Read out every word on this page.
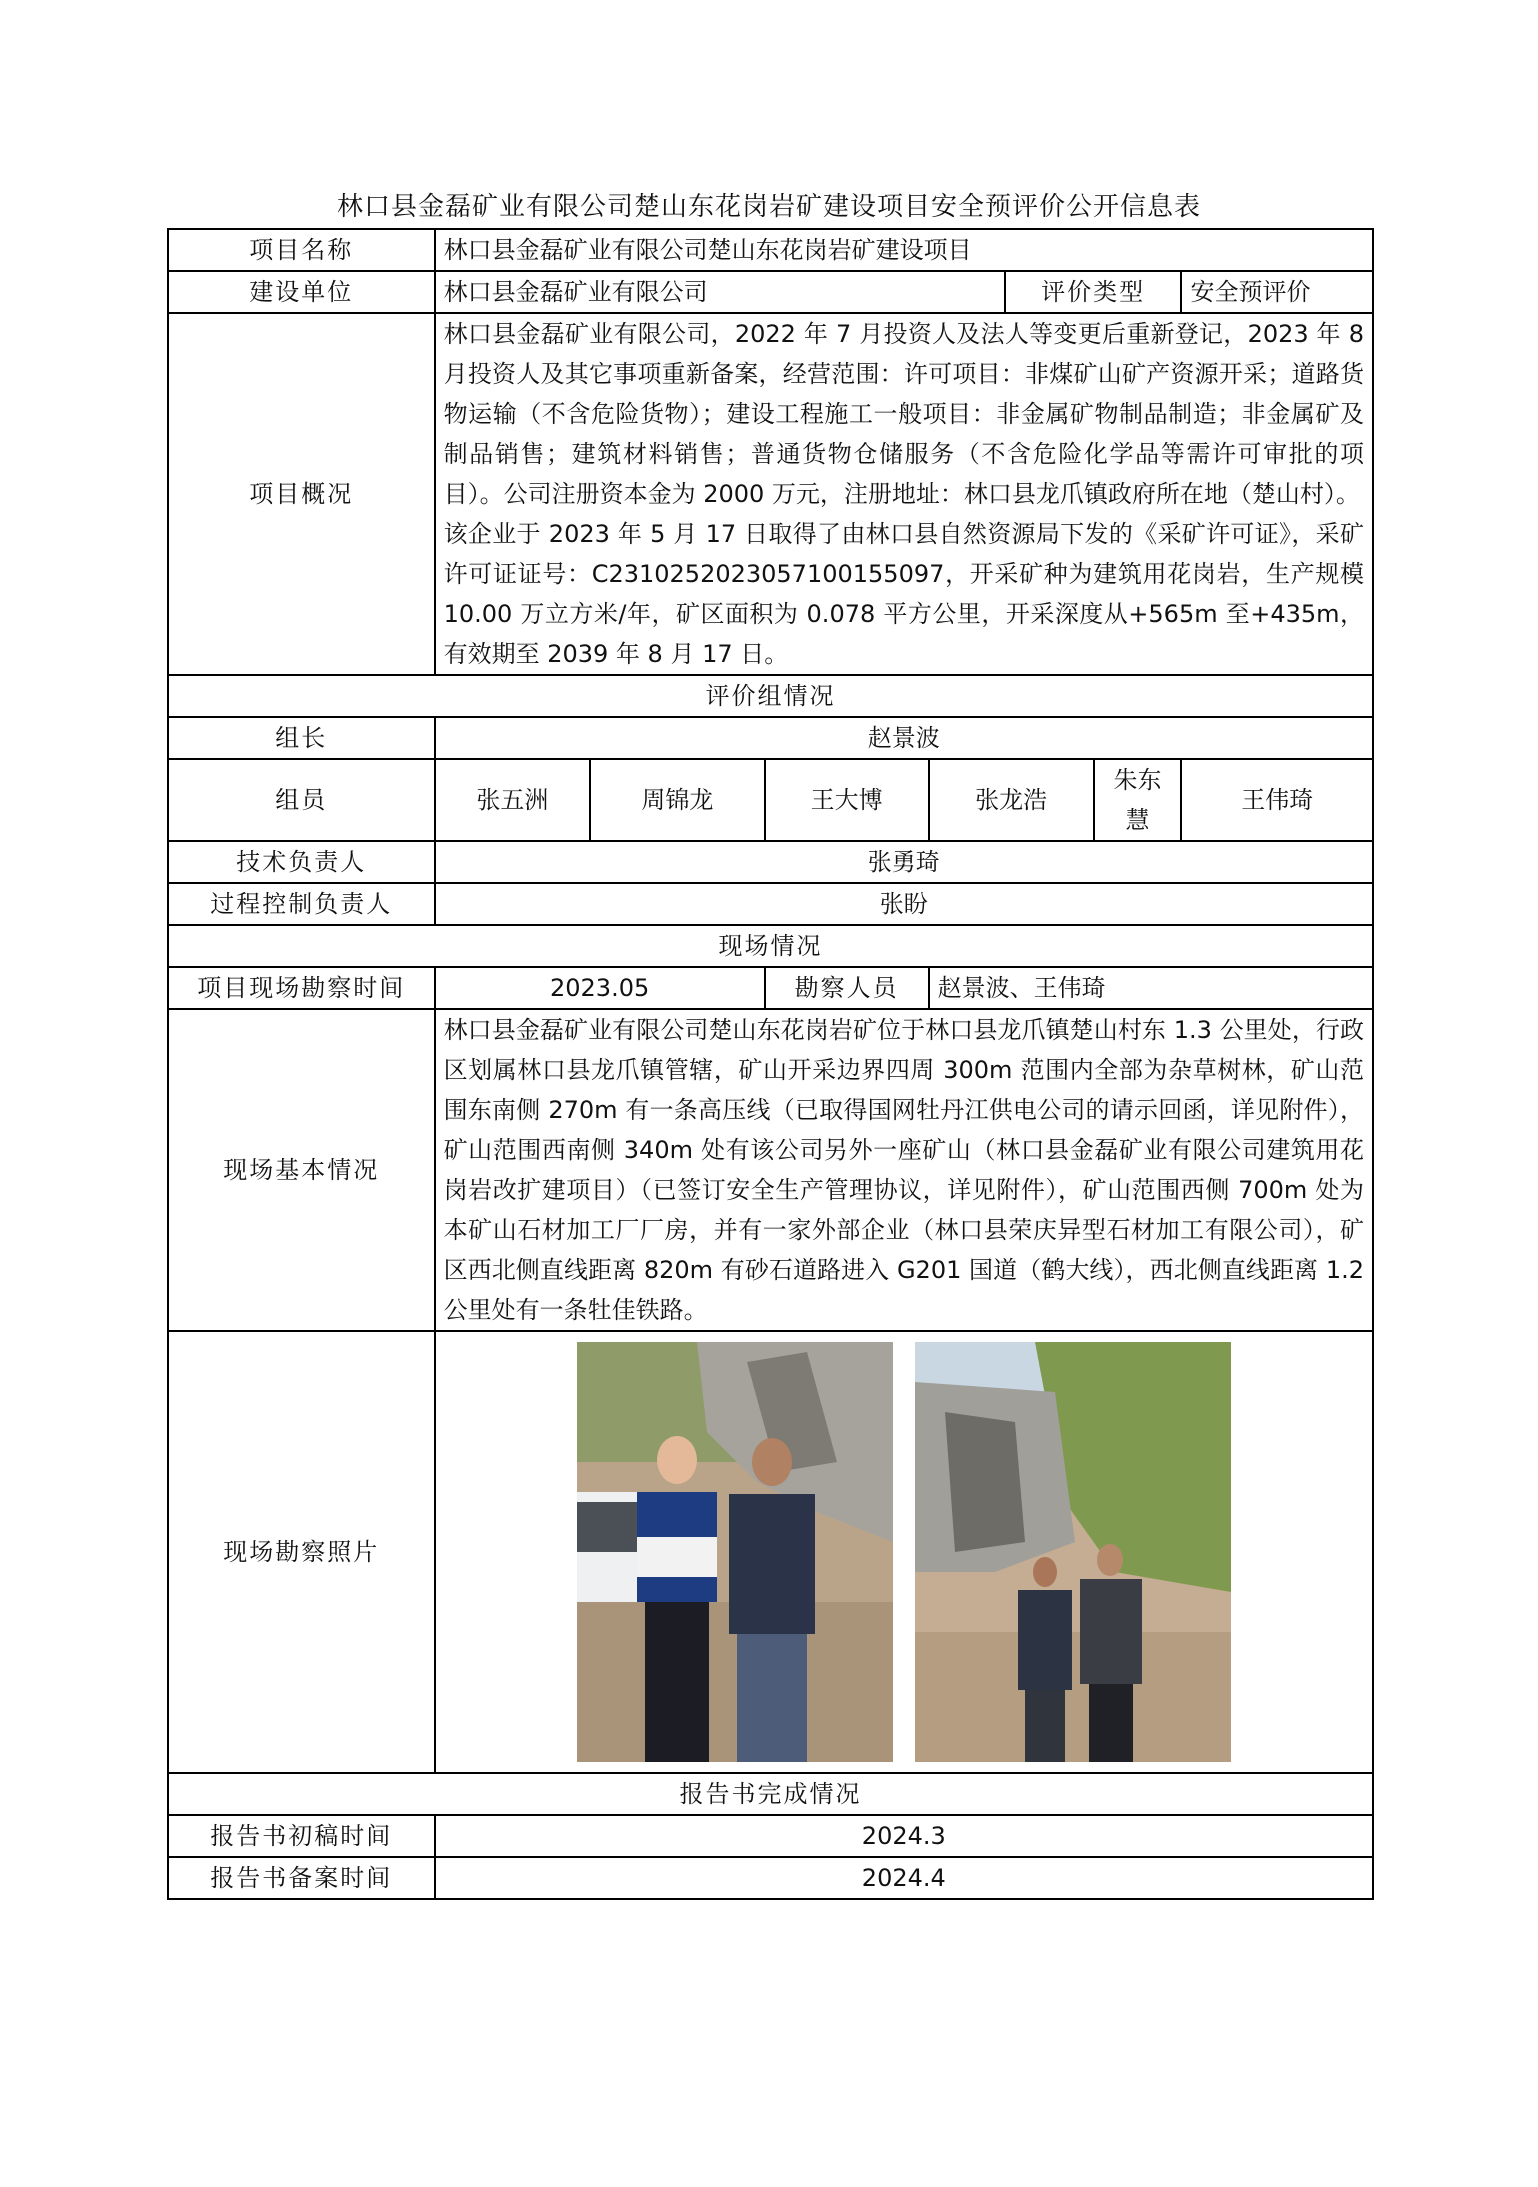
林口县金磊矿业有限公司楚山东花岗岩矿建设项目安全预评价公开信息表
项目名称	林口县金磊矿业有限公司楚山东花岗岩矿建设项目						
建设单位	林口县金磊矿业有限公司				评价类型		安全预评价
项目概况	林口县金磊矿业有限公司，2022 年 7 月投资人及法人等变更后重新登记，2023 年 8 月投资人及其它事项重新备案，经营范围：许可项目：非煤矿山矿产资源开采；道路货物运输（不含危险货物）；建设工程施工一般项目：非金属矿物制品制造；非金属矿及制品销售；建筑材料销售；普通货物仓储服务（不含危险化学品等需许可审批的项目）。公司注册资本金为 2000 万元，注册地址：林口县龙爪镇政府所在地（楚山村）。

该企业于 2023 年 5 月 17 日取得了由林口县自然资源局下发的《采矿许可证》，采矿许可证证号：C2310252023057100155097，开采矿种为建筑用花岗岩，生产规模 10.00 万立方米/年，矿区面积为 0.078 平方公里，开采深度从+565m 至+435m，有效期至 2039 年 8 月 17 日。						

评价组情况							
组长	赵景波						
组员	张五洲	周锦龙	王大博	张龙浩		朱东慧	王伟琦
技术负责人	张勇琦						
过程控制负责人	张盼						
现场情况							
项目现场勘察时间	2023.05		勘察人员	赵景波、王伟琦			
现场基本情况	林口县金磊矿业有限公司楚山东花岗岩矿位于林口县龙爪镇楚山村东 1.3 公里处，行政区划属林口县龙爪镇管辖，矿山开采边界四周 300m 范围内全部为杂草树林，矿山范围东南侧 270m 有一条高压线（已取得国网牡丹江供电公司的请示回函，详见附件），矿山范围西南侧 340m 处有该公司另外一座矿山（林口县金磊矿业有限公司建筑用花岗岩改扩建项目）（已签订安全生产管理协议，详见附件），矿山范围西侧 700m 处为本矿山石材加工厂厂房，并有一家外部企业（林口县荣庆异型石材加工有限公司），矿区西北侧直线距离 820m 有砂石道路进入 G201 国道（鹤大线），西北侧直线距离 1.2 公里处有一条牡佳铁路。						
现场勘察照片	

报告书完成情况							
报告书初稿时间	2024.3						
报告书备案时间	2024.4						
